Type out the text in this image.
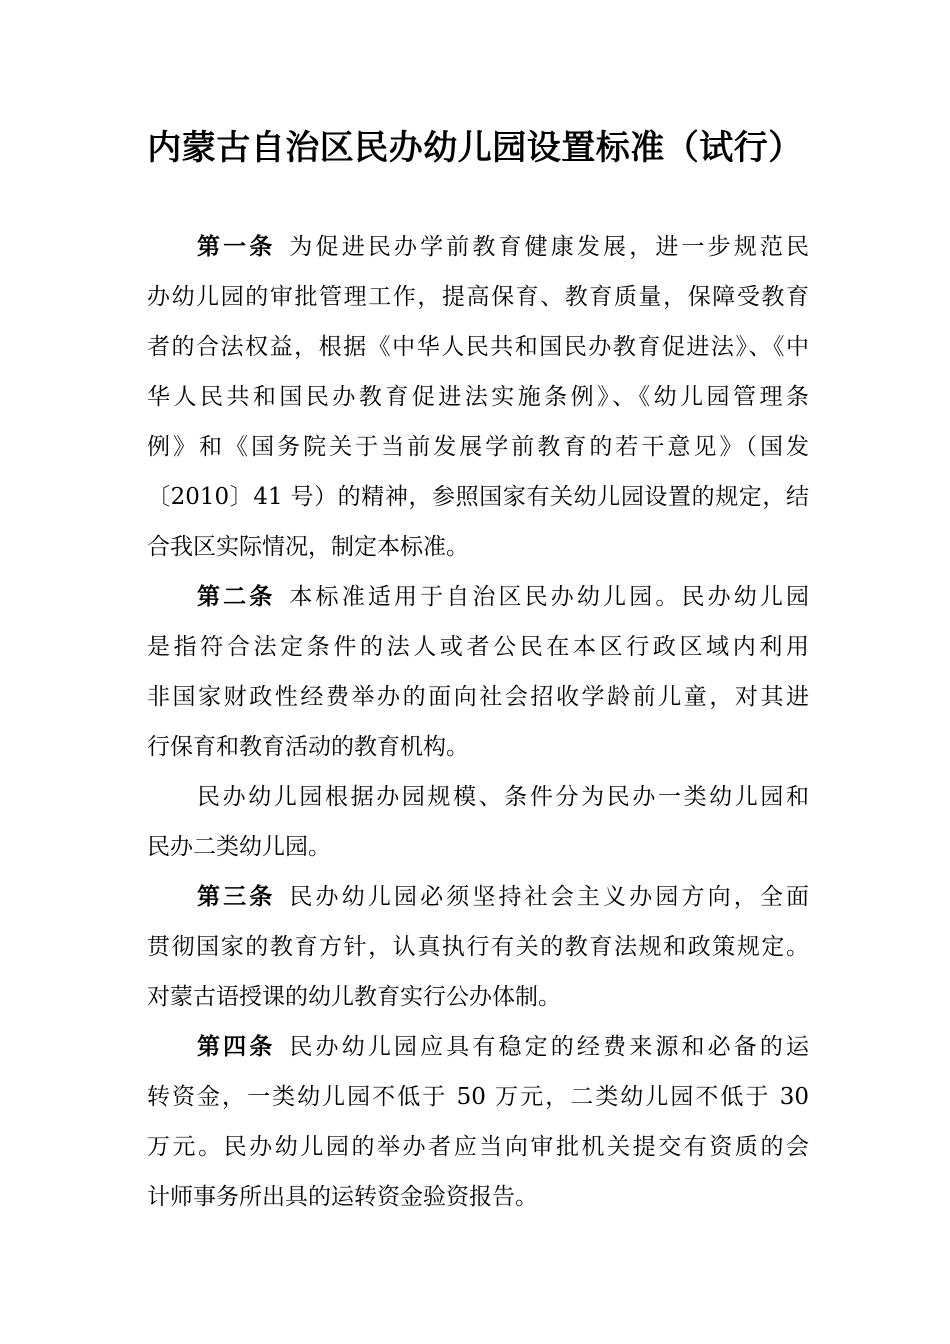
内蒙古自治区民办幼儿园设置标准（试行）
第一条 为促进民办学前教育健康发展，进一步规范民
办幼儿园的审批管理工作，提高保育、教育质量，保障受教育
者的合法权益，根据《中华人民共和国民办教育促进法》、《中
华人民共和国民办教育促进法实施条例》、《幼儿园管理条
例》和《国务院关于当前发展学前教育的若干意见》（国发
〔2010〕41 号）的精神，参照国家有关幼儿园设置的规定，结
合我区实际情况，制定本标准。
第二条 本标准适用于自治区民办幼儿园。民办幼儿园
是指符合法定条件的法人或者公民在本区行政区域内利用
非国家财政性经费举办的面向社会招收学龄前儿童，对其进
行保育和教育活动的教育机构。
民办幼儿园根据办园规模、条件分为民办一类幼儿园和
民办二类幼儿园。
第三条 民办幼儿园必须坚持社会主义办园方向，全面
贯彻国家的教育方针，认真执行有关的教育法规和政策规定。
对蒙古语授课的幼儿教育实行公办体制。
第四条 民办幼儿园应具有稳定的经费来源和必备的运
转资金，一类幼儿园不低于 50 万元，二类幼儿园不低于 30
万元。民办幼儿园的举办者应当向审批机关提交有资质的会
计师事务所出具的运转资金验资报告。
